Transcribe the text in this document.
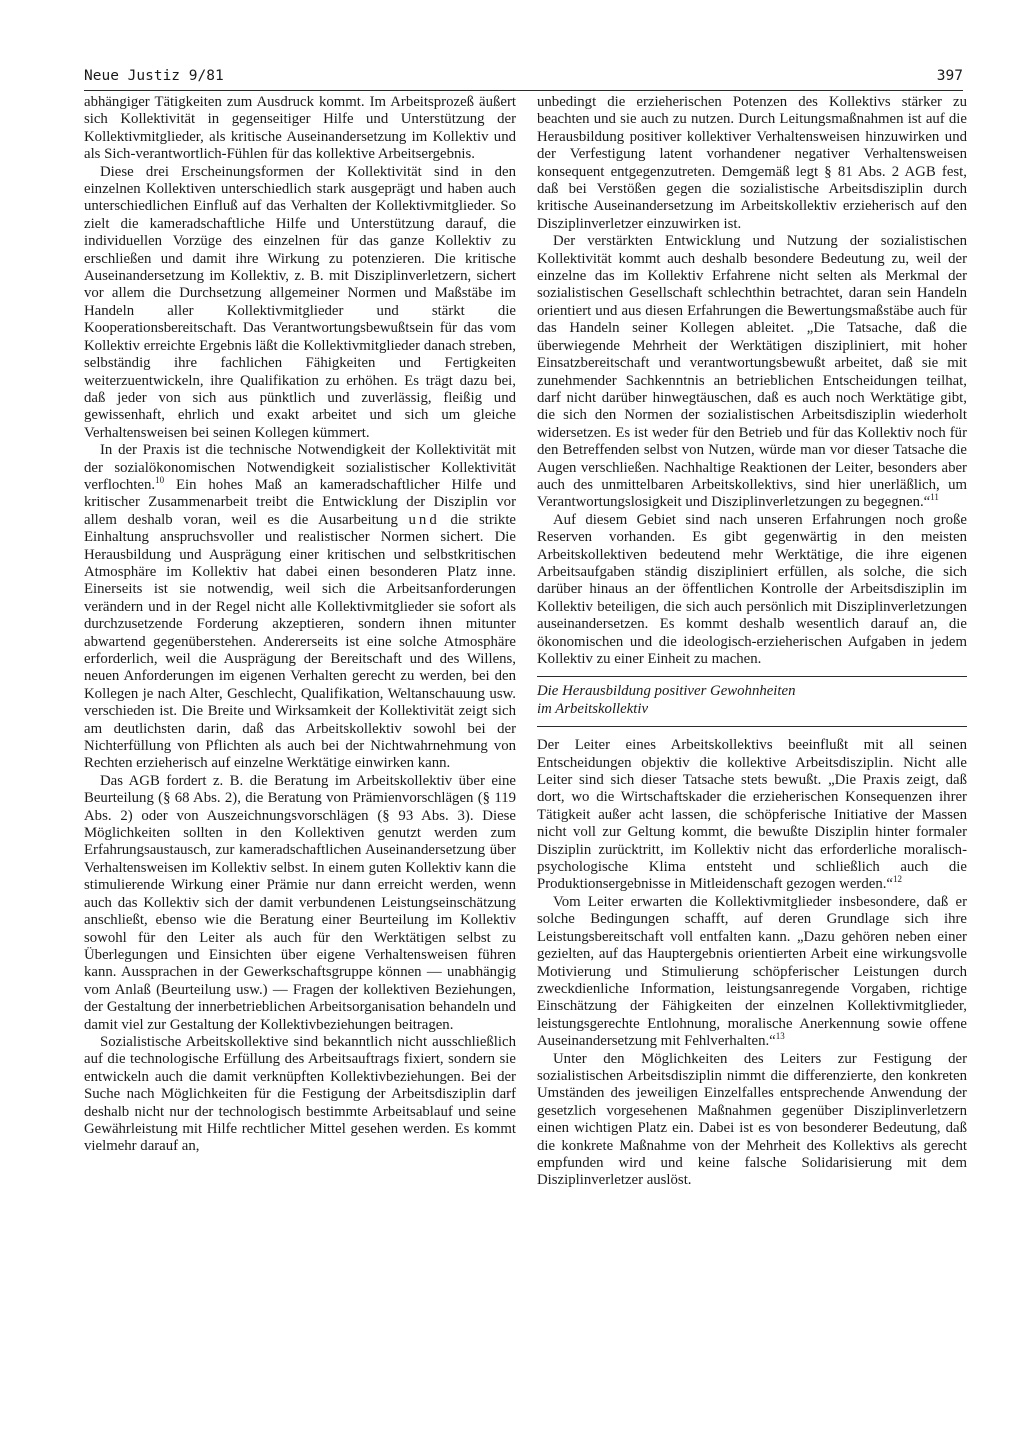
Neue Justiz 9/81	397

abhängiger Tätigkeiten zum Ausdruck kommt. Im Arbeitsprozeß äußert sich Kollektivität in gegenseitiger Hilfe und Unterstützung der Kollektivmitglieder, als kritische Auseinandersetzung im Kollektiv und als Sich-verantwortlich-Fühlen für das kollektive Arbeitsergebnis.

Diese drei Erscheinungsformen der Kollektivität sind in den einzelnen Kollektiven unterschiedlich stark ausgeprägt und haben auch unterschiedlichen Einfluß auf das Verhalten der Kollektivmitglieder. So zielt die kameradschaftliche Hilfe und Unterstützung darauf, die individuellen Vorzüge des einzelnen für das ganze Kollektiv zu erschließen und damit ihre Wirkung zu potenzieren. Die kritische Auseinandersetzung im Kollektiv, z. B. mit Disziplinverletzern, sichert vor allem die Durchsetzung allgemeiner Normen und Maßstäbe im Handeln aller Kollektivmitglieder und stärkt die Kooperationsbereitschaft. Das Verantwortungsbewußtsein für das vom Kollektiv erreichte Ergebnis läßt die Kollektivmitglieder danach streben, selbständig ihre fachlichen Fähigkeiten und Fertigkeiten weiterzuentwickeln, ihre Qualifikation zu erhöhen. Es trägt dazu bei, daß jeder von sich aus pünktlich und zuverlässig, fleißig und gewissenhaft, ehrlich und exakt arbeitet und sich um gleiche Verhaltensweisen bei seinen Kollegen kümmert.

In der Praxis ist die technische Notwendigkeit der Kollektivität mit der sozialökonomischen Notwendigkeit sozialistischer Kollektivität verflochten.$^{10}$ Ein hohes Maß an kameradschaftlicher Hilfe und kritischer Zusammenarbeit treibt die Entwicklung der Disziplin vor allem deshalb voran, weil es die Ausarbeitung und die strikte Einhaltung anspruchsvoller und realistischer Normen sichert. Die Herausbildung und Ausprägung einer kritischen und selbstkritischen Atmosphäre im Kollektiv hat dabei einen besonderen Platz inne. Einerseits ist sie notwendig, weil sich die Arbeitsanforderungen verändern und in der Regel nicht alle Kollektivmitglieder sie sofort als durchzusetzende Forderung akzeptieren, sondern ihnen mitunter abwartend gegenüberstehen. Andererseits ist eine solche Atmosphäre erforderlich, weil die Ausprägung der Bereitschaft und des Willens, neuen Anforderungen im eigenen Verhalten gerecht zu werden, bei den Kollegen je nach Alter, Geschlecht, Qualifikation, Weltanschauung usw. verschieden ist. Die Breite und Wirksamkeit der Kollektivität zeigt sich am deutlichsten darin, daß das Arbeitskollektiv sowohl bei der Nichterfüllung von Pflichten als auch bei der Nichtwahrnehmung von Rechten erzieherisch auf einzelne Werktätige einwirken kann.

Das AGB fordert z. B. die Beratung im Arbeitskollektiv über eine Beurteilung (§ 68 Abs. 2), die Beratung von Prämienvorschlägen (§ 119 Abs. 2) oder von Auszeichnungsvorschlägen (§ 93 Abs. 3). Diese Möglichkeiten sollten in den Kollektiven genutzt werden zum Erfahrungsaustausch, zur kameradschaftlichen Auseinandersetzung über Verhaltensweisen im Kollektiv selbst. In einem guten Kollektiv kann die stimulierende Wirkung einer Prämie nur dann erreicht werden, wenn auch das Kollektiv sich der damit verbundenen Leistungseinschätzung anschließt, ebenso wie die Beratung einer Beurteilung im Kollektiv sowohl für den Leiter als auch für den Werktätigen selbst zu Überlegungen und Einsichten über eigene Verhaltensweisen führen kann. Aussprachen in der Gewerkschaftsgruppe können — unabhängig vom Anlaß (Beurteilung usw.) — Fragen der kollektiven Beziehungen, der Gestaltung der innerbetrieblichen Arbeitsorganisation behandeln und damit viel zur Gestaltung der Kollektivbeziehungen beitragen.

Sozialistische Arbeitskollektive sind bekanntlich nicht ausschließlich auf die technologische Erfüllung des Arbeitsauftrags fixiert, sondern sie entwickeln auch die damit verknüpften Kollektivbeziehungen. Bei der Suche nach Möglichkeiten für die Festigung der Arbeitsdisziplin darf deshalb nicht nur der technologisch bestimmte Arbeitsablauf und seine Gewährleistung mit Hilfe rechtlicher Mittel gesehen werden. Es kommt vielmehr darauf an,

unbedingt die erzieherischen Potenzen des Kollektivs stärker zu beachten und sie auch zu nutzen. Durch Leitungsmaßnahmen ist auf die Herausbildung positiver kollektiver Verhaltensweisen hinzuwirken und der Verfestigung latent vorhandener negativer Verhaltensweisen konsequent entgegenzutreten. Demgemäß legt § 81 Abs. 2 AGB fest, daß bei Verstößen gegen die sozialistische Arbeitsdisziplin durch kritische Auseinandersetzung im Arbeitskollektiv erzieherisch auf den Disziplinverletzer einzuwirken ist.

Der verstärkten Entwicklung und Nutzung der sozialistischen Kollektivität kommt auch deshalb besondere Bedeutung zu, weil der einzelne das im Kollektiv Erfahrene nicht selten als Merkmal der sozialistischen Gesellschaft schlechthin betrachtet, daran sein Handeln orientiert und aus diesen Erfahrungen die Bewertungsmaßstäbe auch für das Handeln seiner Kollegen ableitet. „Die Tatsache, daß die überwiegende Mehrheit der Werktätigen diszipliniert, mit hoher Einsatzbereitschaft und verantwortungsbewußt arbeitet, daß sie mit zunehmender Sachkenntnis an betrieblichen Entscheidungen teilhat, darf nicht darüber hinwegtäuschen, daß es auch noch Werktätige gibt, die sich den Normen der sozialistischen Arbeitsdisziplin wiederholt widersetzen. Es ist weder für den Betrieb und für das Kollektiv noch für den Betreffenden selbst von Nutzen, würde man vor dieser Tatsache die Augen verschließen. Nachhaltige Reaktionen der Leiter, besonders aber auch des unmittelbaren Arbeitskollektivs, sind hier unerläßlich, um Verantwortungslosigkeit und Disziplinverletzungen zu begegnen.“$^{11}$

Auf diesem Gebiet sind nach unseren Erfahrungen noch große Reserven vorhanden. Es gibt gegenwärtig in den meisten Arbeitskollektiven bedeutend mehr Werktätige, die ihre eigenen Arbeitsaufgaben ständig diszipliniert erfüllen, als solche, die sich darüber hinaus an der öffentlichen Kontrolle der Arbeitsdisziplin im Kollektiv beteiligen, die sich auch persönlich mit Disziplinverletzungen auseinandersetzen. Es kommt deshalb wesentlich darauf an, die ökonomischen und die ideologisch-erzieherischen Aufgaben in jedem Kollektiv zu einer Einheit zu machen.

Die Herausbildung positiver Gewohnheiten
im Arbeitskollektiv

Der Leiter eines Arbeitskollektivs beeinflußt mit all seinen Entscheidungen objektiv die kollektive Arbeitsdisziplin. Nicht alle Leiter sind sich dieser Tatsache stets bewußt. „Die Praxis zeigt, daß dort, wo die Wirtschaftskader die erzieherischen Konsequenzen ihrer Tätigkeit außer acht lassen, die schöpferische Initiative der Massen nicht voll zur Geltung kommt, die bewußte Disziplin hinter formaler Disziplin zurücktritt, im Kollektiv nicht das erforderliche moralisch-psychologische Klima entsteht und schließlich auch die Produktionsergebnisse in Mitleidenschaft gezogen werden.“$^{12}$

Vom Leiter erwarten die Kollektivmitglieder insbesondere, daß er solche Bedingungen schafft, auf deren Grundlage sich ihre Leistungsbereitschaft voll entfalten kann. „Dazu gehören neben einer gezielten, auf das Hauptergebnis orientierten Arbeit eine wirkungsvolle Motivierung und Stimulierung schöpferischer Leistungen durch zweckdienliche Information, leistungsanregende Vorgaben, richtige Einschätzung der Fähigkeiten der einzelnen Kollektivmitglieder, leistungsgerechte Entlohnung, moralische Anerkennung sowie offene Auseinandersetzung mit Fehlverhalten.“$^{13}$

Unter den Möglichkeiten des Leiters zur Festigung der sozialistischen Arbeitsdisziplin nimmt die differenzierte, den konkreten Umständen des jeweiligen Einzelfalles entsprechende Anwendung der gesetzlich vorgesehenen Maßnahmen gegenüber Disziplinverletzern einen wichtigen Platz ein. Dabei ist es von besonderer Bedeutung, daß die konkrete Maßnahme von der Mehrheit des Kollektivs als gerecht empfunden wird und keine falsche Solidarisierung mit dem Disziplinverletzer auslöst.
